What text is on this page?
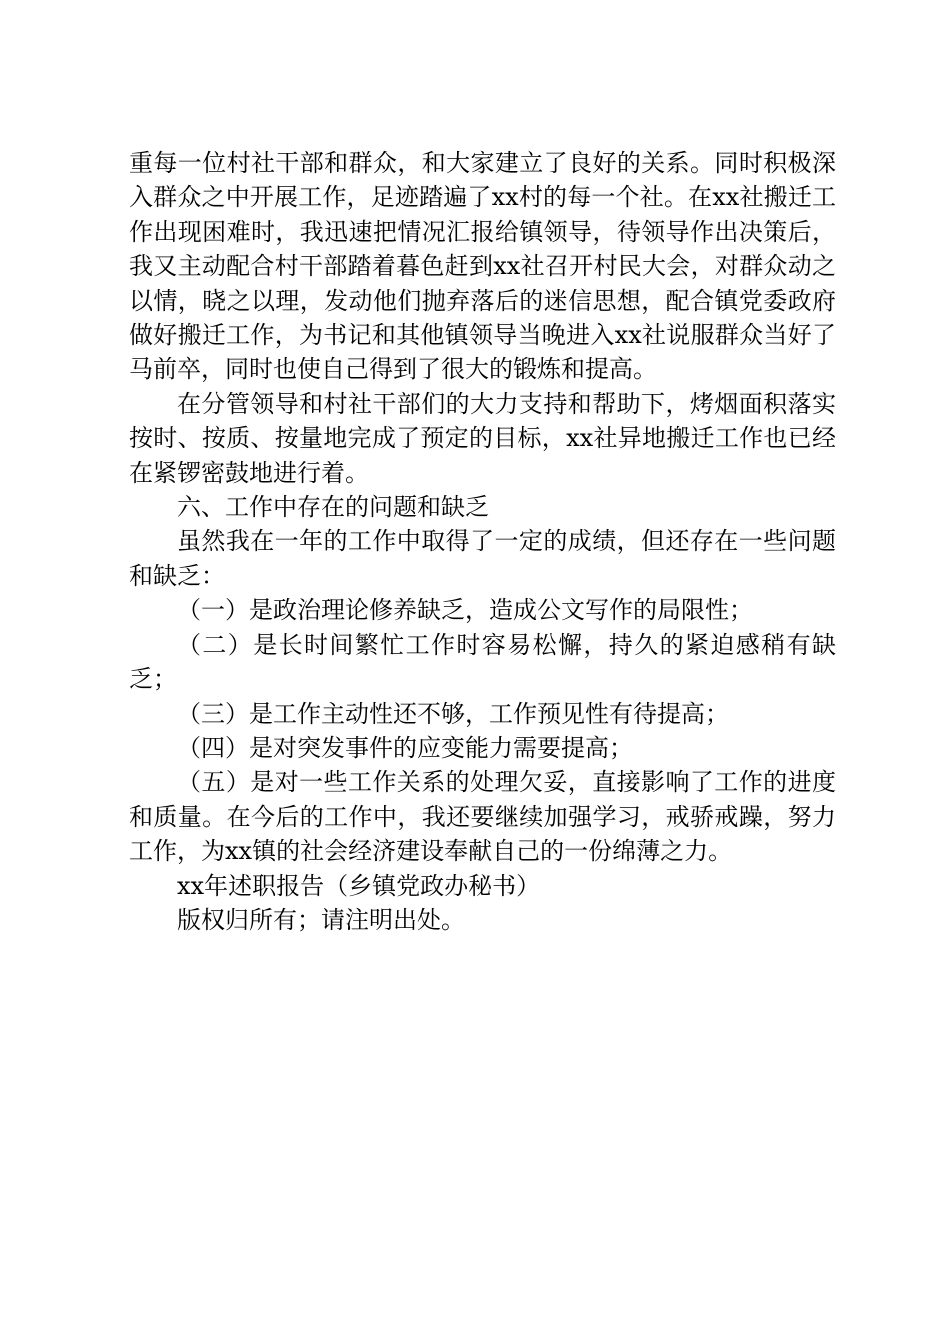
重每一位村社干部和群众，和大家建立了良好的关系。同时积极深入群众之中开展工作，足迹踏遍了xx村的每一个社。在xx社搬迁工作出现困难时，我迅速把情况汇报给镇领导，待领导作出决策后，我又主动配合村干部踏着暮色赶到xx社召开村民大会，对群众动之以情，晓之以理，发动他们抛弃落后的迷信思想，配合镇党委政府做好搬迁工作，为书记和其他镇领导当晚进入xx社说服群众当好了马前卒，同时也使自己得到了很大的锻炼和提高。

在分管领导和村社干部们的大力支持和帮助下，烤烟面积落实按时、按质、按量地完成了预定的目标，xx社异地搬迁工作也已经在紧锣密鼓地进行着。

六、工作中存在的问题和缺乏

虽然我在一年的工作中取得了一定的成绩，但还存在一些问题和缺乏：

（一）是政治理论修养缺乏，造成公文写作的局限性；

（二）是长时间繁忙工作时容易松懈，持久的紧迫感稍有缺乏；

（三）是工作主动性还不够，工作预见性有待提高；

（四）是对突发事件的应变能力需要提高；

（五）是对一些工作关系的处理欠妥，直接影响了工作的进度和质量。在今后的工作中，我还要继续加强学习，戒骄戒躁，努力工作，为xx镇的社会经济建设奉献自己的一份绵薄之力。

xx年述职报告（乡镇党政办秘书）

版权归所有；请注明出处。
